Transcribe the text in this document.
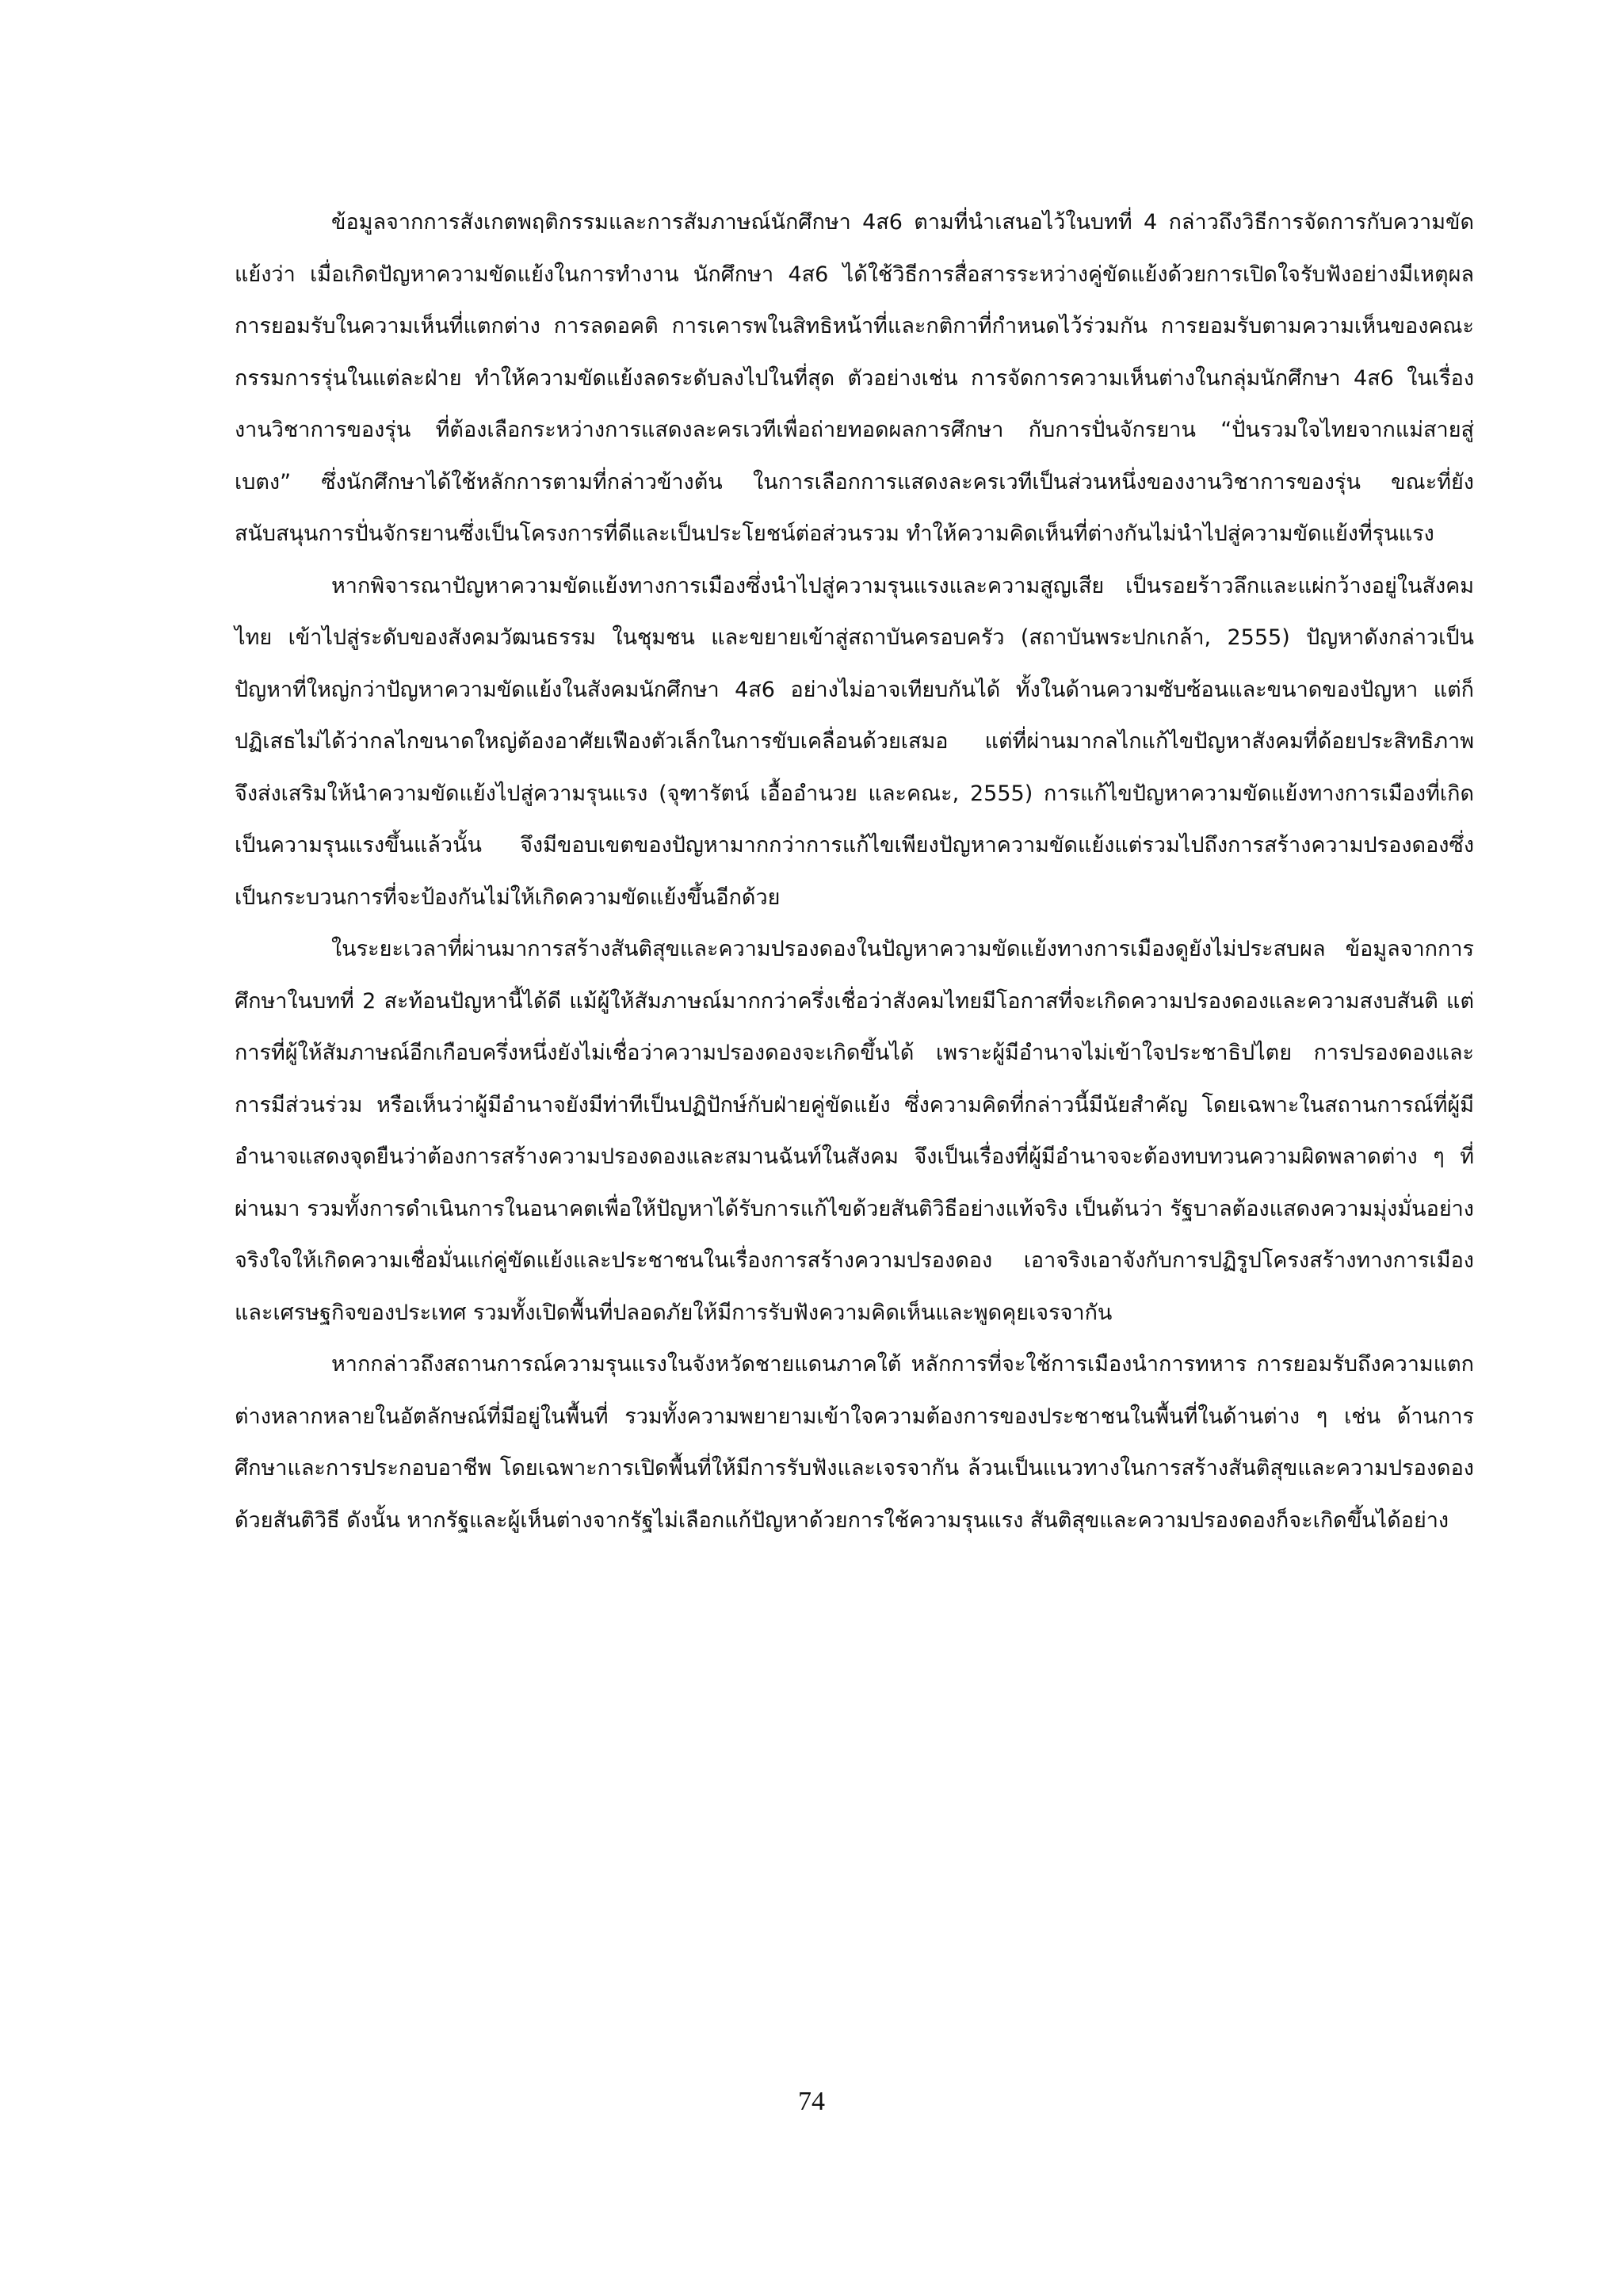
ข้อมูลจากการสังเกตพฤติกรรมและการสัมภาษณ์นักศึกษา 4ส6 ตามที่นำเสนอไว้ในบทที่ 4 กล่าวถึงวิธีการจัดการกับความขัดแย้งว่า เมื่อเกิดปัญหาความขัดแย้งในการทำงาน นักศึกษา 4ส6 ได้ใช้วิธีการสื่อสารระหว่างคู่ขัดแย้งด้วยการเปิดใจรับฟังอย่างมีเหตุผล การยอมรับในความเห็นที่แตกต่าง การลดอคติ การเคารพในสิทธิหน้าที่และกติกาที่กำหนดไว้ร่วมกัน การยอมรับตามความเห็นของคณะกรรมการรุ่นในแต่ละฝ่าย ทำให้ความขัดแย้งลดระดับลงไปในที่สุด ตัวอย่างเช่น การจัดการความเห็นต่างในกลุ่มนักศึกษา 4ส6 ในเรื่องงานวิชาการของรุ่น ที่ต้องเลือกระหว่างการแสดงละครเวทีเพื่อถ่ายทอดผลการศึกษา กับการปั่นจักรยาน “ปั่นรวมใจไทยจากแม่สายสู่เบตง” ซึ่งนักศึกษาได้ใช้หลักการตามที่กล่าวข้างต้น ในการเลือกการแสดงละครเวทีเป็นส่วนหนึ่งของงานวิชาการของรุ่น ขณะที่ยังสนับสนุนการปั่นจักรยานซึ่งเป็นโครงการที่ดีและเป็นประโยชน์ต่อส่วนรวม ทำให้ความคิดเห็นที่ต่างกันไม่นำไปสู่ความขัดแย้งที่รุนแรง

หากพิจารณาปัญหาความขัดแย้งทางการเมืองซึ่งนำไปสู่ความรุนแรงและความสูญเสีย เป็นรอยร้าวลึกและแผ่กว้างอยู่ในสังคมไทย เข้าไปสู่ระดับของสังคมวัฒนธรรม ในชุมชน และขยายเข้าสู่สถาบันครอบครัว (สถาบันพระปกเกล้า, 2555) ปัญหาดังกล่าวเป็นปัญหาที่ใหญ่กว่าปัญหาความขัดแย้งในสังคมนักศึกษา 4ส6 อย่างไม่อาจเทียบกันได้ ทั้งในด้านความซับซ้อนและขนาดของปัญหา แต่ก็ปฏิเสธไม่ได้ว่ากลไกขนาดใหญ่ต้องอาศัยเฟืองตัวเล็กในการขับเคลื่อนด้วยเสมอ แต่ที่ผ่านมากลไกแก้ไขปัญหาสังคมที่ด้อยประสิทธิภาพ จึงส่งเสริมให้นำความขัดแย้งไปสู่ความรุนแรง (จุฑารัตน์ เอื้ออำนวย และคณะ, 2555) การแก้ไขปัญหาความขัดแย้งทางการเมืองที่เกิดเป็นความรุนแรงขึ้นแล้วนั้น จึงมีขอบเขตของปัญหามากกว่าการแก้ไขเพียงปัญหาความขัดแย้งแต่รวมไปถึงการสร้างความปรองดองซึ่งเป็นกระบวนการที่จะป้องกันไม่ให้เกิดความขัดแย้งขึ้นอีกด้วย

ในระยะเวลาที่ผ่านมาการสร้างสันติสุขและความปรองดองในปัญหาความขัดแย้งทางการเมืองดูยังไม่ประสบผล ข้อมูลจากการศึกษาในบทที่ 2 สะท้อนปัญหานี้ได้ดี แม้ผู้ให้สัมภาษณ์มากกว่าครึ่งเชื่อว่าสังคมไทยมีโอกาสที่จะเกิดความปรองดองและความสงบสันติ แต่การที่ผู้ให้สัมภาษณ์อีกเกือบครึ่งหนึ่งยังไม่เชื่อว่าความปรองดองจะเกิดขึ้นได้ เพราะผู้มีอำนาจไม่เข้าใจประชาธิปไตย การปรองดองและการมีส่วนร่วม หรือเห็นว่าผู้มีอำนาจยังมีท่าทีเป็นปฏิปักษ์กับฝ่ายคู่ขัดแย้ง ซึ่งความคิดที่กล่าวนี้มีนัยสำคัญ โดยเฉพาะในสถานการณ์ที่ผู้มีอำนาจแสดงจุดยืนว่าต้องการสร้างความปรองดองและสมานฉันท์ในสังคม จึงเป็นเรื่องที่ผู้มีอำนาจจะต้องทบทวนความผิดพลาดต่าง ๆ ที่ผ่านมา รวมทั้งการดำเนินการในอนาคตเพื่อให้ปัญหาได้รับการแก้ไขด้วยสันติวิธีอย่างแท้จริง เป็นต้นว่า รัฐบาลต้องแสดงความมุ่งมั่นอย่างจริงใจให้เกิดความเชื่อมั่นแก่คู่ขัดแย้งและประชาชนในเรื่องการสร้างความปรองดอง เอาจริงเอาจังกับการปฏิรูปโครงสร้างทางการเมืองและเศรษฐกิจของประเทศ รวมทั้งเปิดพื้นที่ปลอดภัยให้มีการรับฟังความคิดเห็นและพูดคุยเจรจากัน

หากกล่าวถึงสถานการณ์ความรุนแรงในจังหวัดชายแดนภาคใต้ หลักการที่จะใช้การเมืองนำการทหาร การยอมรับถึงความแตกต่างหลากหลายในอัตลักษณ์ที่มีอยู่ในพื้นที่ รวมทั้งความพยายามเข้าใจความต้องการของประชาชนในพื้นที่ในด้านต่าง ๆ เช่น ด้านการศึกษาและการประกอบอาชีพ โดยเฉพาะการเปิดพื้นที่ให้มีการรับฟังและเจรจากัน ล้วนเป็นแนวทางในการสร้างสันติสุขและความปรองดองด้วยสันติวิธี ดังนั้น หากรัฐและผู้เห็นต่างจากรัฐไม่เลือกแก้ปัญหาด้วยการใช้ความรุนแรง สันติสุขและความปรองดองก็จะเกิดขึ้นได้อย่าง

74
